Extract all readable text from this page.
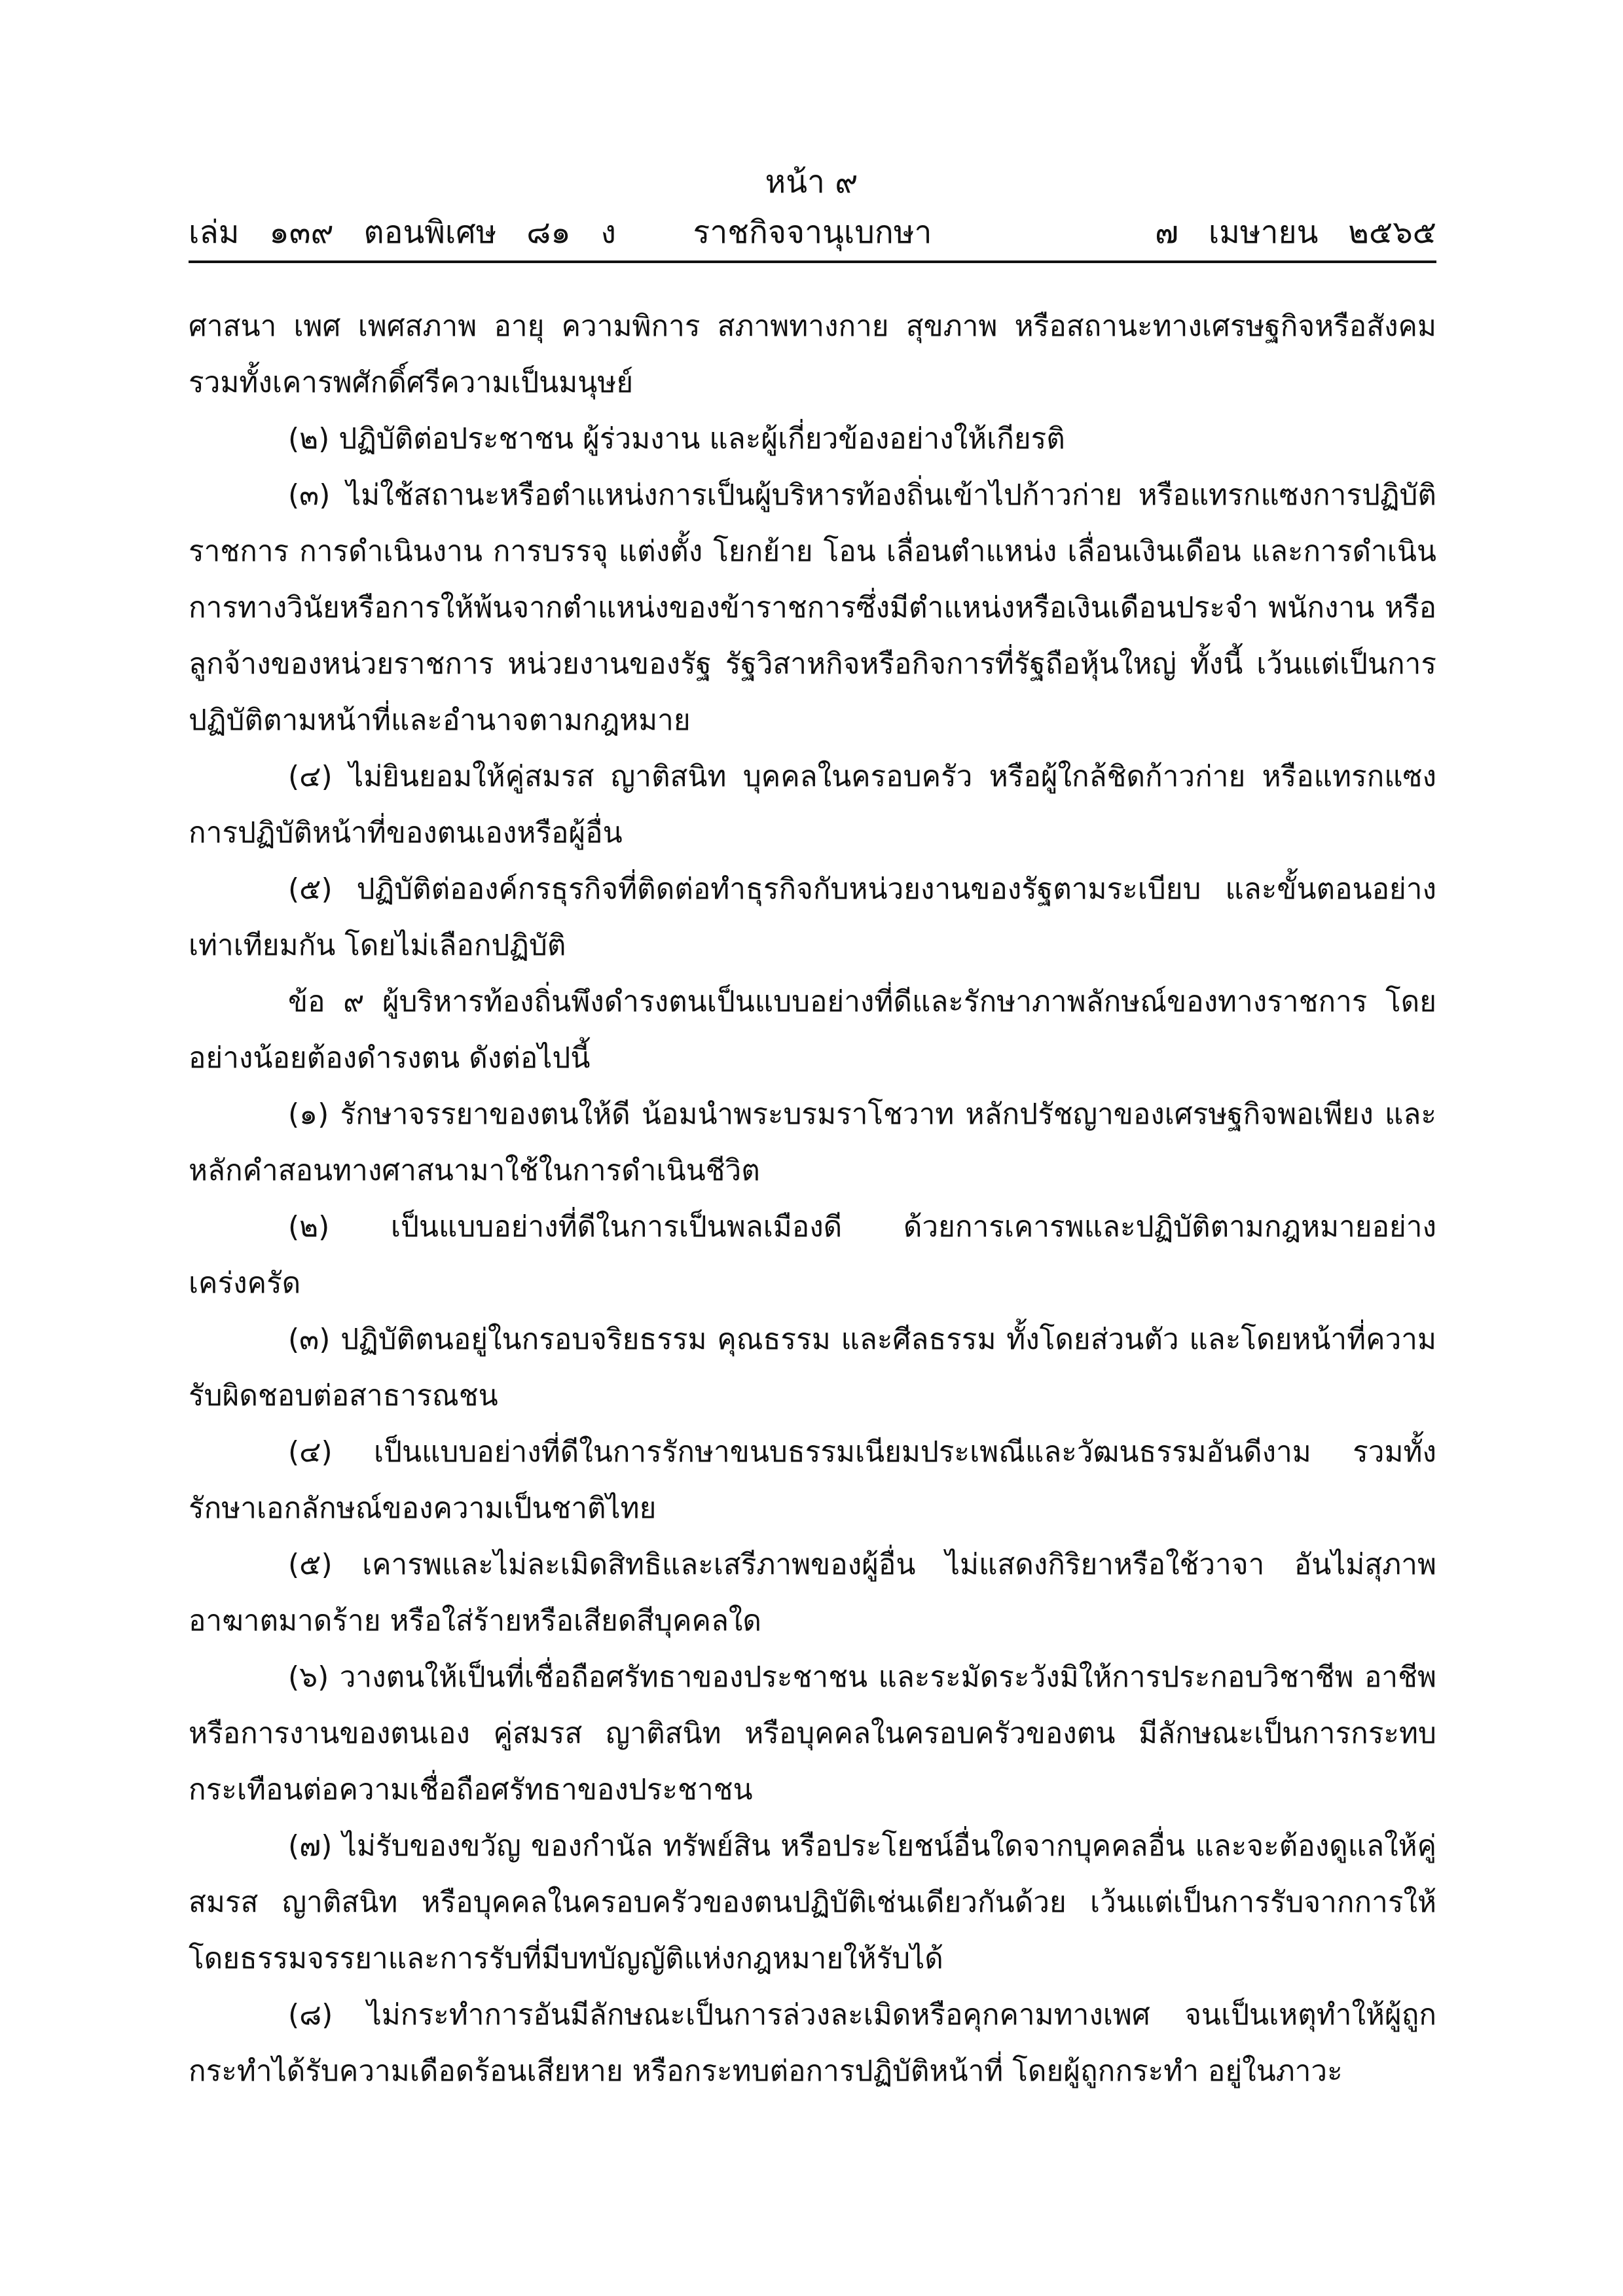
หน้า ๙
เล่ม   ๑๓๙   ตอนพิเศษ   ๘๑   ง	ราชกิจจานุเบกษา	๗   เมษายน   ๒๕๖๕

ศาสนา เพศ เพศสภาพ อายุ ความพิการ สภาพทางกาย สุขภาพ หรือสถานะทางเศรษฐกิจหรือสังคม รวมทั้งเคารพศักดิ์ศรีความเป็นมนุษย์

(๒) ปฏิบัติต่อประชาชน ผู้ร่วมงาน และผู้เกี่ยวข้องอย่างให้เกียรติ

(๓) ไม่ใช้สถานะหรือตำแหน่งการเป็นผู้บริหารท้องถิ่นเข้าไปก้าวก่าย หรือแทรกแซงการปฏิบัติราชการ การดำเนินงาน การบรรจุ แต่งตั้ง โยกย้าย โอน เลื่อนตำแหน่ง เลื่อนเงินเดือน และการดำเนินการทางวินัยหรือการให้พ้นจากตำแหน่งของข้าราชการซึ่งมีตำแหน่งหรือเงินเดือนประจำ พนักงาน หรือลูกจ้างของหน่วยราชการ หน่วยงานของรัฐ รัฐวิสาหกิจหรือกิจการที่รัฐถือหุ้นใหญ่ ทั้งนี้ เว้นแต่เป็นการปฏิบัติตามหน้าที่และอำนาจตามกฎหมาย

(๔) ไม่ยินยอมให้คู่สมรส ญาติสนิท บุคคลในครอบครัว หรือผู้ใกล้ชิดก้าวก่าย หรือแทรกแซงการปฏิบัติหน้าที่ของตนเองหรือผู้อื่น

(๕) ปฏิบัติต่อองค์กรธุรกิจที่ติดต่อทำธุรกิจกับหน่วยงานของรัฐตามระเบียบ และขั้นตอนอย่างเท่าเทียมกัน โดยไม่เลือกปฏิบัติ

ข้อ ๙ ผู้บริหารท้องถิ่นพึงดำรงตนเป็นแบบอย่างที่ดีและรักษาภาพลักษณ์ของทางราชการ โดยอย่างน้อยต้องดำรงตน ดังต่อไปนี้

(๑) รักษาจรรยาของตนให้ดี น้อมนำพระบรมราโชวาท หลักปรัชญาของเศรษฐกิจพอเพียง และหลักคำสอนทางศาสนามาใช้ในการดำเนินชีวิต

(๒) เป็นแบบอย่างที่ดีในการเป็นพลเมืองดี ด้วยการเคารพและปฏิบัติตามกฎหมายอย่างเคร่งครัด

(๓) ปฏิบัติตนอยู่ในกรอบจริยธรรม คุณธรรม และศีลธรรม ทั้งโดยส่วนตัว และโดยหน้าที่ความรับผิดชอบต่อสาธารณชน

(๔) เป็นแบบอย่างที่ดีในการรักษาขนบธรรมเนียมประเพณีและวัฒนธรรมอันดีงาม รวมทั้งรักษาเอกลักษณ์ของความเป็นชาติไทย

(๕) เคารพและไม่ละเมิดสิทธิและเสรีภาพของผู้อื่น ไม่แสดงกิริยาหรือใช้วาจา อันไม่สุภาพ อาฆาตมาดร้าย หรือใส่ร้ายหรือเสียดสีบุคคลใด

(๖) วางตนให้เป็นที่เชื่อถือศรัทธาของประชาชน และระมัดระวังมิให้การประกอบวิชาชีพ อาชีพ หรือการงานของตนเอง คู่สมรส ญาติสนิท หรือบุคคลในครอบครัวของตน มีลักษณะเป็นการกระทบกระเทือนต่อความเชื่อถือศรัทธาของประชาชน

(๗) ไม่รับของขวัญ ของกำนัล ทรัพย์สิน หรือประโยชน์อื่นใดจากบุคคลอื่น และจะต้องดูแลให้คู่สมรส ญาติสนิท หรือบุคคลในครอบครัวของตนปฏิบัติเช่นเดียวกันด้วย เว้นแต่เป็นการรับจากการให้โดยธรรมจรรยาและการรับที่มีบทบัญญัติแห่งกฎหมายให้รับได้

(๘) ไม่กระทำการอันมีลักษณะเป็นการล่วงละเมิดหรือคุกคามทางเพศ จนเป็นเหตุทำให้ผู้ถูกกระทำได้รับความเดือดร้อนเสียหาย หรือกระทบต่อการปฏิบัติหน้าที่ โดยผู้ถูกกระทำ อยู่ในภาวะ
